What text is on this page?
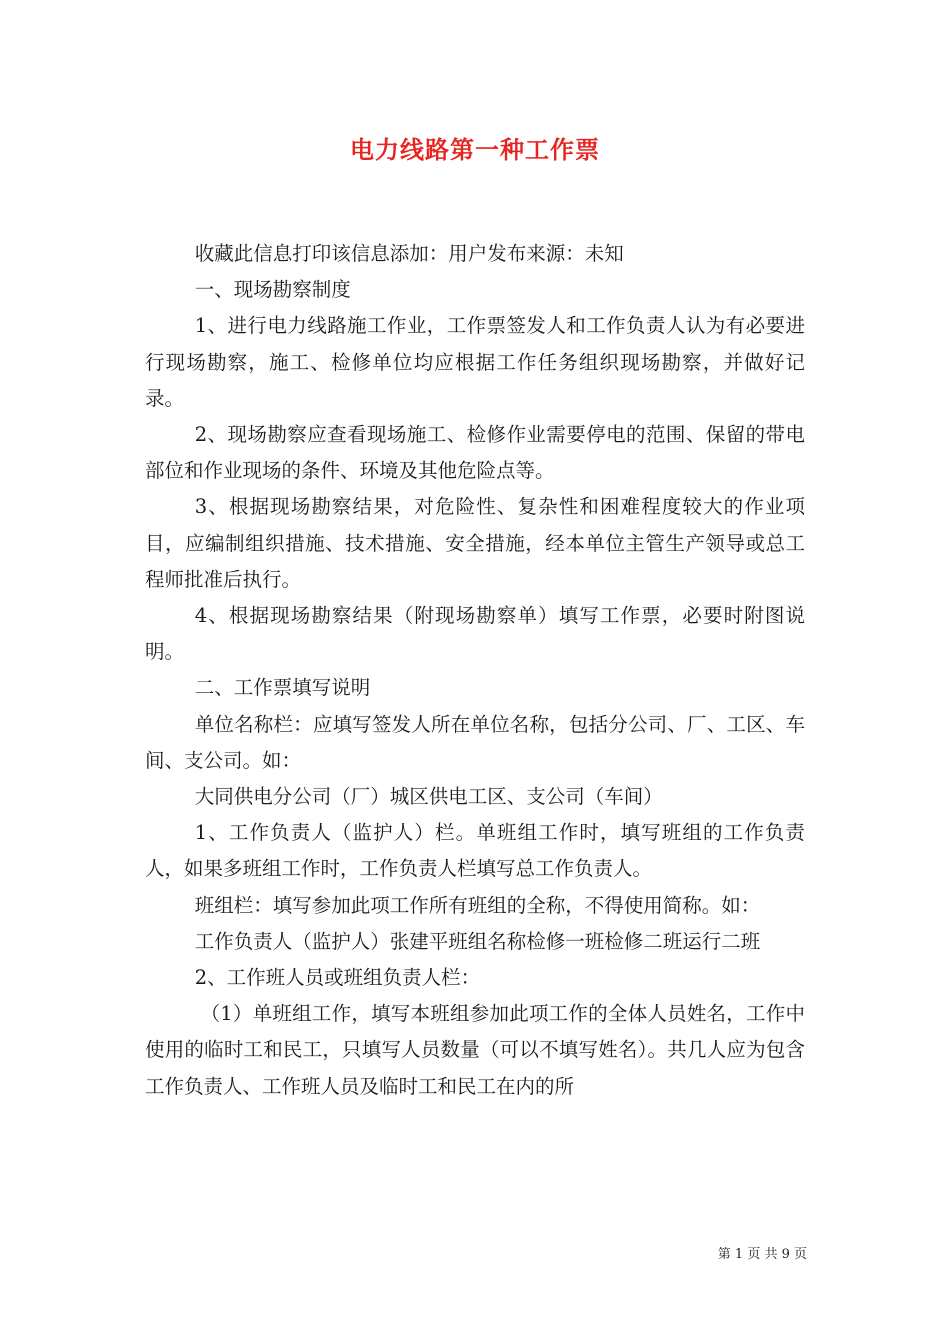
电力线路第一种工作票

收藏此信息打印该信息添加：用户发布来源：未知

一、现场勘察制度

1、进行电力线路施工作业，工作票签发人和工作负责人认为有必要进行现场勘察，施工、检修单位均应根据工作任务组织现场勘察，并做好记录。

2、现场勘察应查看现场施工、检修作业需要停电的范围、保留的带电部位和作业现场的条件、环境及其他危险点等。

3、根据现场勘察结果，对危险性、复杂性和困难程度较大的作业项目，应编制组织措施、技术措施、安全措施，经本单位主管生产领导或总工程师批准后执行。

4、根据现场勘察结果（附现场勘察单）填写工作票，必要时附图说明。

二、工作票填写说明

单位名称栏：应填写签发人所在单位名称，包括分公司、厂、工区、车间、支公司。如：

大同供电分公司（厂）城区供电工区、支公司（车间）

1、工作负责人（监护人）栏。单班组工作时，填写班组的工作负责人，如果多班组工作时，工作负责人栏填写总工作负责人。

班组栏：填写参加此项工作所有班组的全称，不得使用简称。如：

工作负责人（监护人）张建平班组名称检修一班检修二班运行二班

2、工作班人员或班组负责人栏：

（1）单班组工作，填写本班组参加此项工作的全体人员姓名，工作中使用的临时工和民工，只填写人员数量（可以不填写姓名）。共几人应为包含工作负责人、工作班人员及临时工和民工在内的所

第 1 页 共 9 页
